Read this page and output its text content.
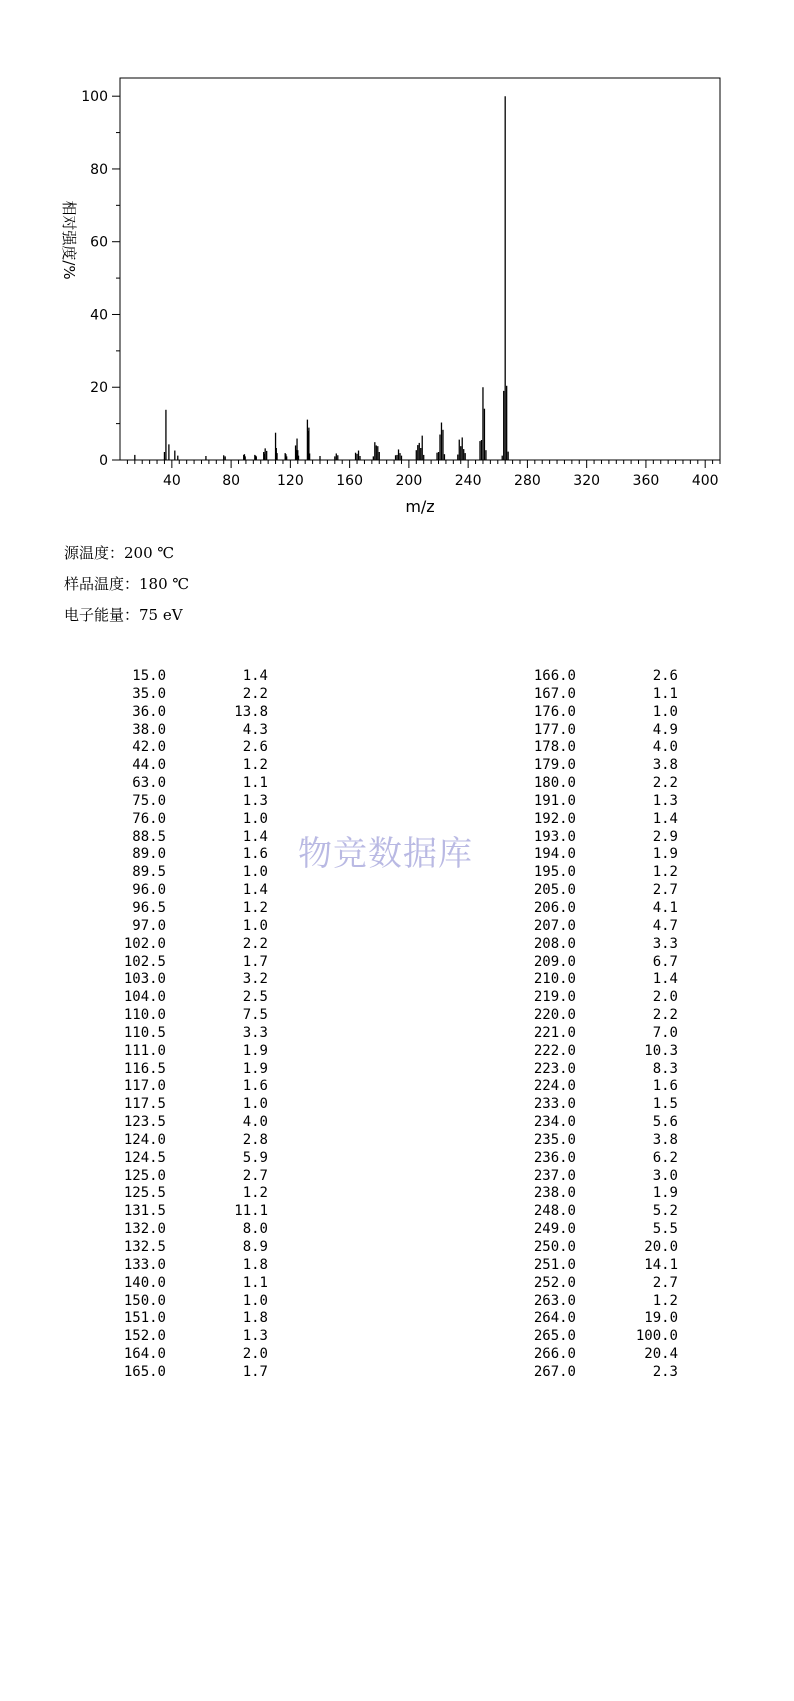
40	80	120 160 200 240 280 320 360 400
0
20
40
60
80
100
m/z
相对强度/%
源温度：200 ℃
样品温度：180 ℃
电子能量：75 eV
物竞数据库
15.0	1.4
35.0	2.2
36.0	13.8
38.0	4.3
42.0	2.6
44.0	1.2
63.0	1.1
75.0	1.3
76.0	1.0
88.5	1.4
89.0	1.6
89.5	1.0
96.0	1.4
96.5	1.2
97.0	1.0
102.0	2.2
102.5	1.7
103.0	3.2
104.0	2.5
110.0	7.5
110.5	3.3
111.0	1.9
116.5	1.9
117.0	1.6
117.5	1.0
123.5	4.0
124.0	2.8
124.5	5.9
125.0	2.7
125.5	1.2
131.5	11.1
132.0	8.0
132.5	8.9
133.0	1.8
140.0	1.1
150.0	1.0
151.0	1.8
152.0	1.3
164.0	2.0
165.0	1.7
166.0	2.6
167.0	1.1
176.0	1.0
177.0	4.9
178.0	4.0
179.0	3.8
180.0	2.2
191.0	1.3
192.0	1.4
193.0	2.9
194.0	1.9
195.0	1.2
205.0	2.7
206.0	4.1
207.0	4.7
208.0	3.3
209.0	6.7
210.0	1.4
219.0	2.0
220.0	2.2
221.0	7.0
222.0	10.3
223.0	8.3
224.0	1.6
233.0	1.5
234.0	5.6
235.0	3.8
236.0	6.2
237.0	3.0
238.0	1.9
248.0	5.2
249.0	5.5
250.0	20.0
251.0	14.1
252.0	2.7
263.0	1.2
264.0	19.0
265.0	100.0
266.0	20.4
267.0	2.3
